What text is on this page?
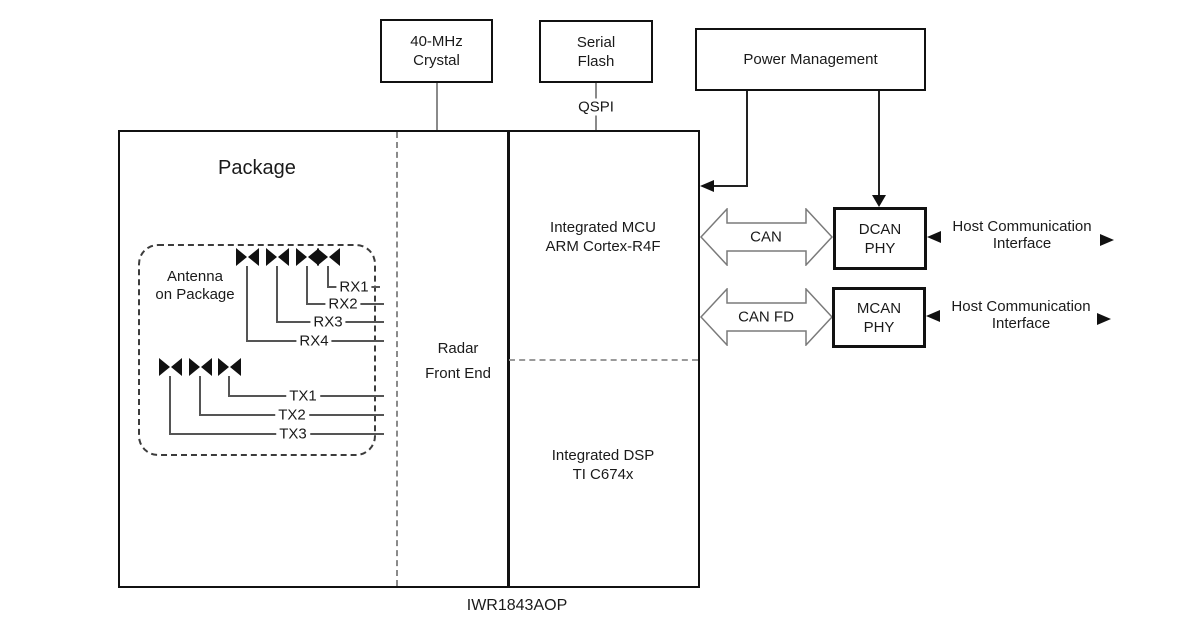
40-MHz
Crystal
Serial
Flash	Power Management
QSPI
Package
Radar
Front End
Integrated MCU
ARM Cortex-R4F
Integrated DSP
TI C674x
Antenna
on Package	RX1
RX2
RX3
RX4
TX1
TX2
TX3
CAN
CAN FD
DCAN
PHY
MCAN
PHY
Host Communication
Interface
Host Communication
Interface
IWR1843AOP
